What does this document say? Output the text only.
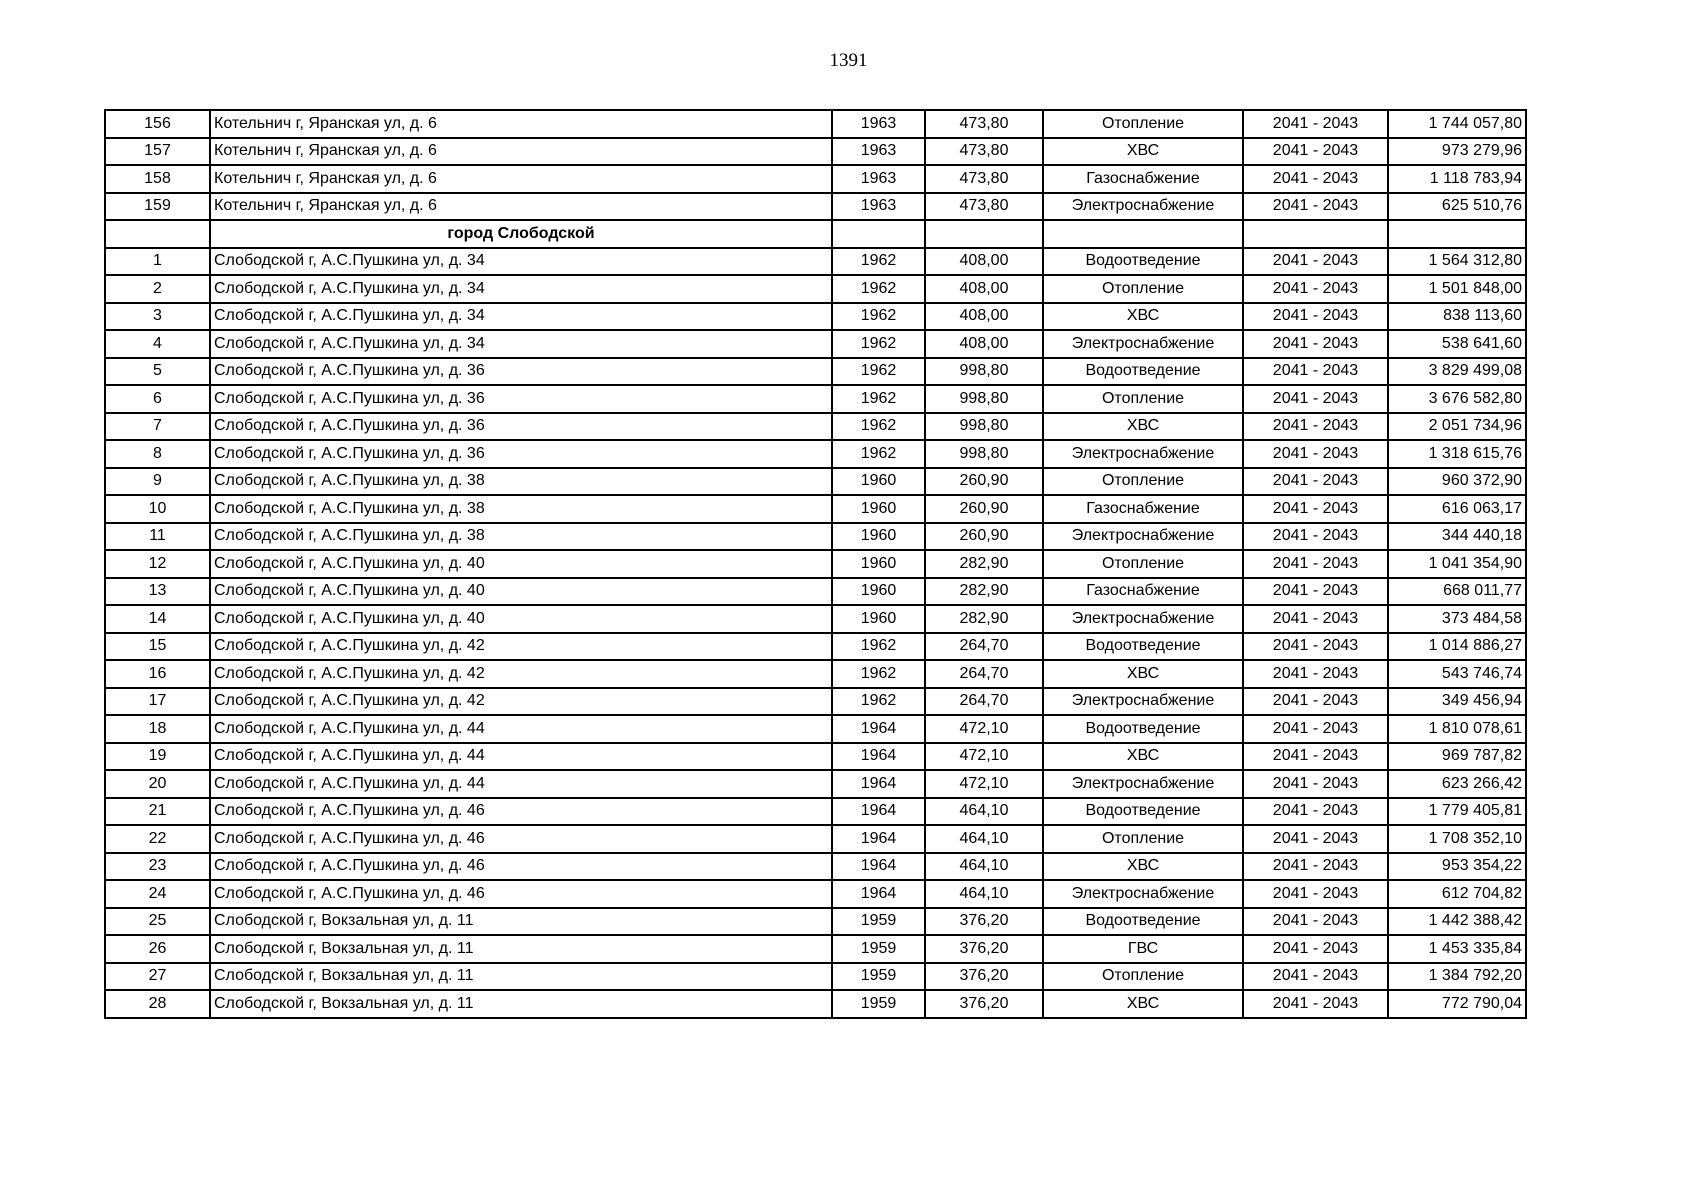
1391
156	Котельнич г, Яранская ул, д. 6	1963	473,80	Отопление	2041 - 2043	1 744 057,80
157	Котельнич г, Яранская ул, д. 6	1963	473,80	ХВС	2041 - 2043	973 279,96
158	Котельнич г, Яранская ул, д. 6	1963	473,80	Газоснабжение	2041 - 2043	1 118 783,94
159	Котельнич г, Яранская ул, д. 6	1963	473,80	Электроснабжение	2041 - 2043	625 510,76
	город Слободской					
1	Слободской г, А.С.Пушкина ул, д. 34	1962	408,00	Водоотведение	2041 - 2043	1 564 312,80
2	Слободской г, А.С.Пушкина ул, д. 34	1962	408,00	Отопление	2041 - 2043	1 501 848,00
3	Слободской г, А.С.Пушкина ул, д. 34	1962	408,00	ХВС	2041 - 2043	838 113,60
4	Слободской г, А.С.Пушкина ул, д. 34	1962	408,00	Электроснабжение	2041 - 2043	538 641,60
5	Слободской г, А.С.Пушкина ул, д. 36	1962	998,80	Водоотведение	2041 - 2043	3 829 499,08
6	Слободской г, А.С.Пушкина ул, д. 36	1962	998,80	Отопление	2041 - 2043	3 676 582,80
7	Слободской г, А.С.Пушкина ул, д. 36	1962	998,80	ХВС	2041 - 2043	2 051 734,96
8	Слободской г, А.С.Пушкина ул, д. 36	1962	998,80	Электроснабжение	2041 - 2043	1 318 615,76
9	Слободской г, А.С.Пушкина ул, д. 38	1960	260,90	Отопление	2041 - 2043	960 372,90
10	Слободской г, А.С.Пушкина ул, д. 38	1960	260,90	Газоснабжение	2041 - 2043	616 063,17
11	Слободской г, А.С.Пушкина ул, д. 38	1960	260,90	Электроснабжение	2041 - 2043	344 440,18
12	Слободской г, А.С.Пушкина ул, д. 40	1960	282,90	Отопление	2041 - 2043	1 041 354,90
13	Слободской г, А.С.Пушкина ул, д. 40	1960	282,90	Газоснабжение	2041 - 2043	668 011,77
14	Слободской г, А.С.Пушкина ул, д. 40	1960	282,90	Электроснабжение	2041 - 2043	373 484,58
15	Слободской г, А.С.Пушкина ул, д. 42	1962	264,70	Водоотведение	2041 - 2043	1 014 886,27
16	Слободской г, А.С.Пушкина ул, д. 42	1962	264,70	ХВС	2041 - 2043	543 746,74
17	Слободской г, А.С.Пушкина ул, д. 42	1962	264,70	Электроснабжение	2041 - 2043	349 456,94
18	Слободской г, А.С.Пушкина ул, д. 44	1964	472,10	Водоотведение	2041 - 2043	1 810 078,61
19	Слободской г, А.С.Пушкина ул, д. 44	1964	472,10	ХВС	2041 - 2043	969 787,82
20	Слободской г, А.С.Пушкина ул, д. 44	1964	472,10	Электроснабжение	2041 - 2043	623 266,42
21	Слободской г, А.С.Пушкина ул, д. 46	1964	464,10	Водоотведение	2041 - 2043	1 779 405,81
22	Слободской г, А.С.Пушкина ул, д. 46	1964	464,10	Отопление	2041 - 2043	1 708 352,10
23	Слободской г, А.С.Пушкина ул, д. 46	1964	464,10	ХВС	2041 - 2043	953 354,22
24	Слободской г, А.С.Пушкина ул, д. 46	1964	464,10	Электроснабжение	2041 - 2043	612 704,82
25	Слободской г, Вокзальная ул, д. 11	1959	376,20	Водоотведение	2041 - 2043	1 442 388,42
26	Слободской г, Вокзальная ул, д. 11	1959	376,20	ГВС	2041 - 2043	1 453 335,84
27	Слободской г, Вокзальная ул, д. 11	1959	376,20	Отопление	2041 - 2043	1 384 792,20
28	Слободской г, Вокзальная ул, д. 11	1959	376,20	ХВС	2041 - 2043	772 790,04
